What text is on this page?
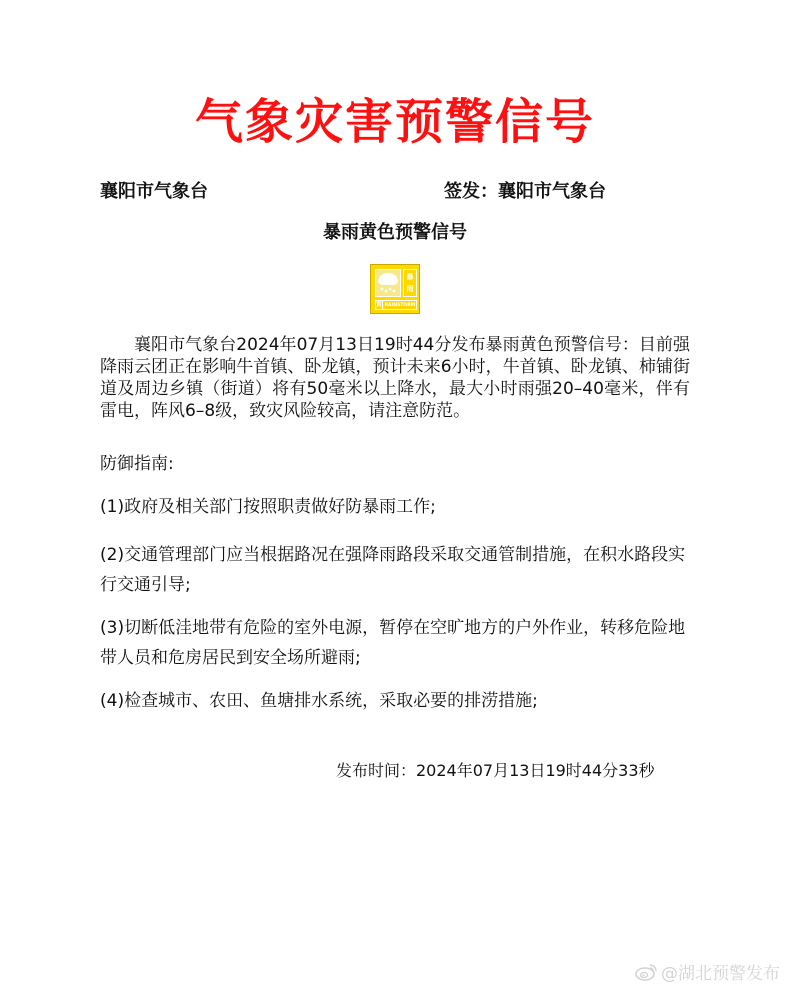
气象灾害预警信号
襄阳市气象台	签发：襄阳市气象台
暴雨黄色预警信号
暴
雨
黄 RAINSTORM
襄阳市气象台2024年07月13日19时44分发布暴雨黄色预警信号：目前强降雨云团正在影响牛首镇、卧龙镇，预计未来6小时，牛首镇、卧龙镇、柿铺街道及周边乡镇（街道）将有50毫米以上降水，最大小时雨强20–40毫米，伴有雷电，阵风6–8级，致灾风险较高，请注意防范。
防御指南:
(1)政府及相关部门按照职责做好防暴雨工作;
(2)交通管理部门应当根据路况在强降雨路段采取交通管制措施，在积水路段实行交通引导;
(3)切断低洼地带有危险的室外电源，暂停在空旷地方的户外作业，转移危险地带人员和危房居民到安全场所避雨;
(4)检查城市、农田、鱼塘排水系统，采取必要的排涝措施;
发布时间：2024年07月13日19时44分33秒
@湖北预警发布
